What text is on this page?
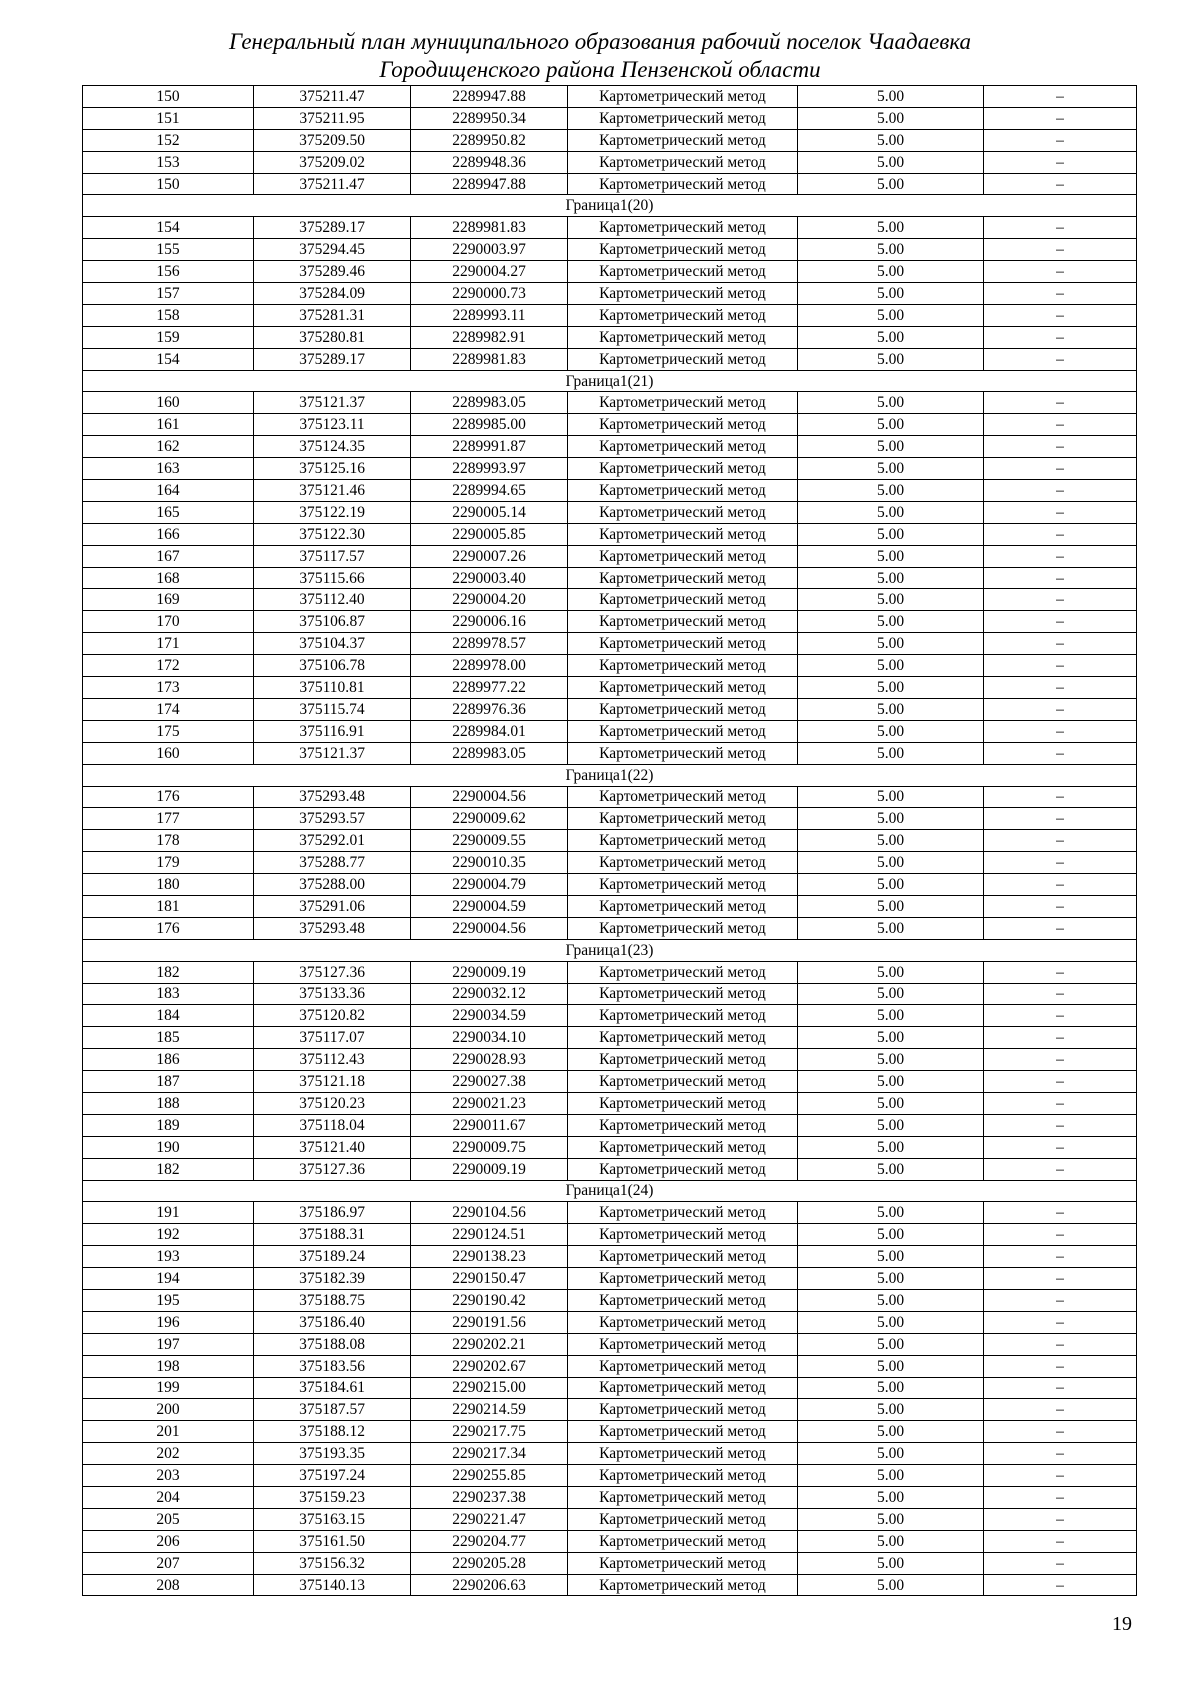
Генеральный план муниципального образования рабочий поселок Чаадаевка
Городищенского района Пензенской области
150	375211.47	2289947.88	Картометрический метод	5.00	–
151	375211.95	2289950.34	Картометрический метод	5.00	–
152	375209.50	2289950.82	Картометрический метод	5.00	–
153	375209.02	2289948.36	Картометрический метод	5.00	–
150	375211.47	2289947.88	Картометрический метод	5.00	–
Граница1(20)					
154	375289.17	2289981.83	Картометрический метод	5.00	–
155	375294.45	2290003.97	Картометрический метод	5.00	–
156	375289.46	2290004.27	Картометрический метод	5.00	–
157	375284.09	2290000.73	Картометрический метод	5.00	–
158	375281.31	2289993.11	Картометрический метод	5.00	–
159	375280.81	2289982.91	Картометрический метод	5.00	–
154	375289.17	2289981.83	Картометрический метод	5.00	–
Граница1(21)					
160	375121.37	2289983.05	Картометрический метод	5.00	–
161	375123.11	2289985.00	Картометрический метод	5.00	–
162	375124.35	2289991.87	Картометрический метод	5.00	–
163	375125.16	2289993.97	Картометрический метод	5.00	–
164	375121.46	2289994.65	Картометрический метод	5.00	–
165	375122.19	2290005.14	Картометрический метод	5.00	–
166	375122.30	2290005.85	Картометрический метод	5.00	–
167	375117.57	2290007.26	Картометрический метод	5.00	–
168	375115.66	2290003.40	Картометрический метод	5.00	–
169	375112.40	2290004.20	Картометрический метод	5.00	–
170	375106.87	2290006.16	Картометрический метод	5.00	–
171	375104.37	2289978.57	Картометрический метод	5.00	–
172	375106.78	2289978.00	Картометрический метод	5.00	–
173	375110.81	2289977.22	Картометрический метод	5.00	–
174	375115.74	2289976.36	Картометрический метод	5.00	–
175	375116.91	2289984.01	Картометрический метод	5.00	–
160	375121.37	2289983.05	Картометрический метод	5.00	–
Граница1(22)					
176	375293.48	2290004.56	Картометрический метод	5.00	–
177	375293.57	2290009.62	Картометрический метод	5.00	–
178	375292.01	2290009.55	Картометрический метод	5.00	–
179	375288.77	2290010.35	Картометрический метод	5.00	–
180	375288.00	2290004.79	Картометрический метод	5.00	–
181	375291.06	2290004.59	Картометрический метод	5.00	–
176	375293.48	2290004.56	Картометрический метод	5.00	–
Граница1(23)					
182	375127.36	2290009.19	Картометрический метод	5.00	–
183	375133.36	2290032.12	Картометрический метод	5.00	–
184	375120.82	2290034.59	Картометрический метод	5.00	–
185	375117.07	2290034.10	Картометрический метод	5.00	–
186	375112.43	2290028.93	Картометрический метод	5.00	–
187	375121.18	2290027.38	Картометрический метод	5.00	–
188	375120.23	2290021.23	Картометрический метод	5.00	–
189	375118.04	2290011.67	Картометрический метод	5.00	–
190	375121.40	2290009.75	Картометрический метод	5.00	–
182	375127.36	2290009.19	Картометрический метод	5.00	–
Граница1(24)					
191	375186.97	2290104.56	Картометрический метод	5.00	–
192	375188.31	2290124.51	Картометрический метод	5.00	–
193	375189.24	2290138.23	Картометрический метод	5.00	–
194	375182.39	2290150.47	Картометрический метод	5.00	–
195	375188.75	2290190.42	Картометрический метод	5.00	–
196	375186.40	2290191.56	Картометрический метод	5.00	–
197	375188.08	2290202.21	Картометрический метод	5.00	–
198	375183.56	2290202.67	Картометрический метод	5.00	–
199	375184.61	2290215.00	Картометрический метод	5.00	–
200	375187.57	2290214.59	Картометрический метод	5.00	–
201	375188.12	2290217.75	Картометрический метод	5.00	–
202	375193.35	2290217.34	Картометрический метод	5.00	–
203	375197.24	2290255.85	Картометрический метод	5.00	–
204	375159.23	2290237.38	Картометрический метод	5.00	–
205	375163.15	2290221.47	Картометрический метод	5.00	–
206	375161.50	2290204.77	Картометрический метод	5.00	–
207	375156.32	2290205.28	Картометрический метод	5.00	–
208	375140.13	2290206.63	Картометрический метод	5.00	–
19
